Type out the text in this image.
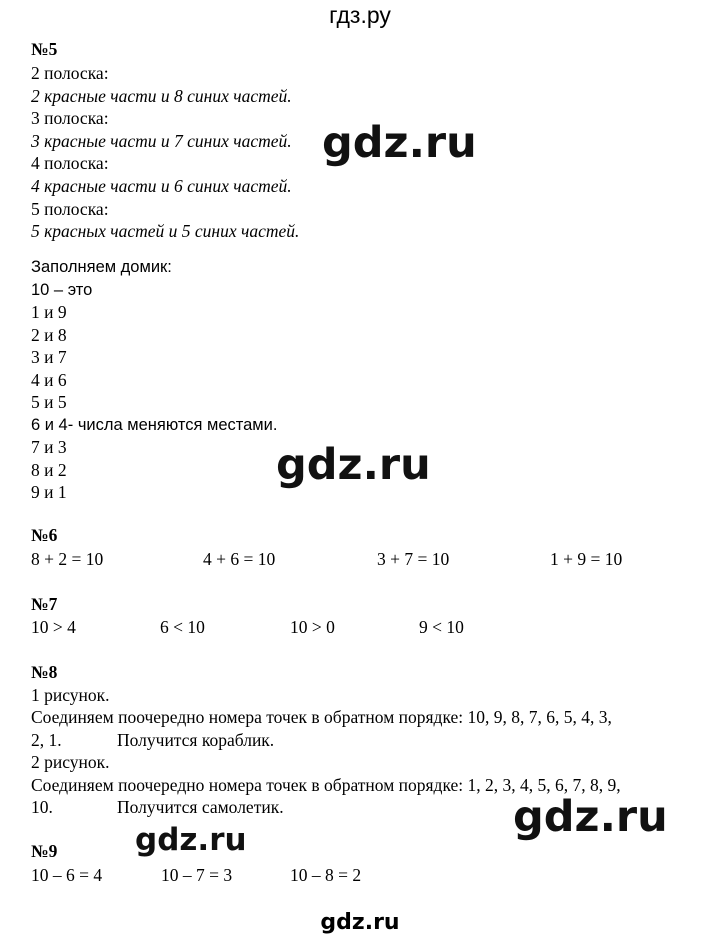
гдз.ру
№5
2 полоска:
2 красные части и 8 синих частей.
3 полоска:
3 красные части и 7 синих частей.
4 полоска:
4 красные части и 6 синих частей.
5 полоска:
5 красных частей и 5 синих частей.
Заполняем домик:
10 – это
1 и 9
2 и 8
3 и 7
4 и 6
5 и 5
6 и 4- числа меняются местами.
7 и 3
8 и 2
9 и 1
№6
8 + 2 = 10	4 + 6 = 10	3 + 7 = 10	1 + 9 = 10
№7
10 > 4	6 < 10	10 > 0	9 < 10
№8
1 рисунок.
Соединяем поочередно номера точек в обратном порядке: 10, 9, 8, 7, 6, 5, 4, 3,
2, 1.	Получится кораблик.
2 рисунок.
Соединяем поочередно номера точек в обратном порядке: 1, 2, 3, 4, 5, 6, 7, 8, 9,
10.	Получится самолетик.
№9
10 – 6 = 4	10 – 7 = 3	10 – 8 = 2
gdz.ru
gdz.ru
gdz.ru
gdz.ru
gdz.ru
